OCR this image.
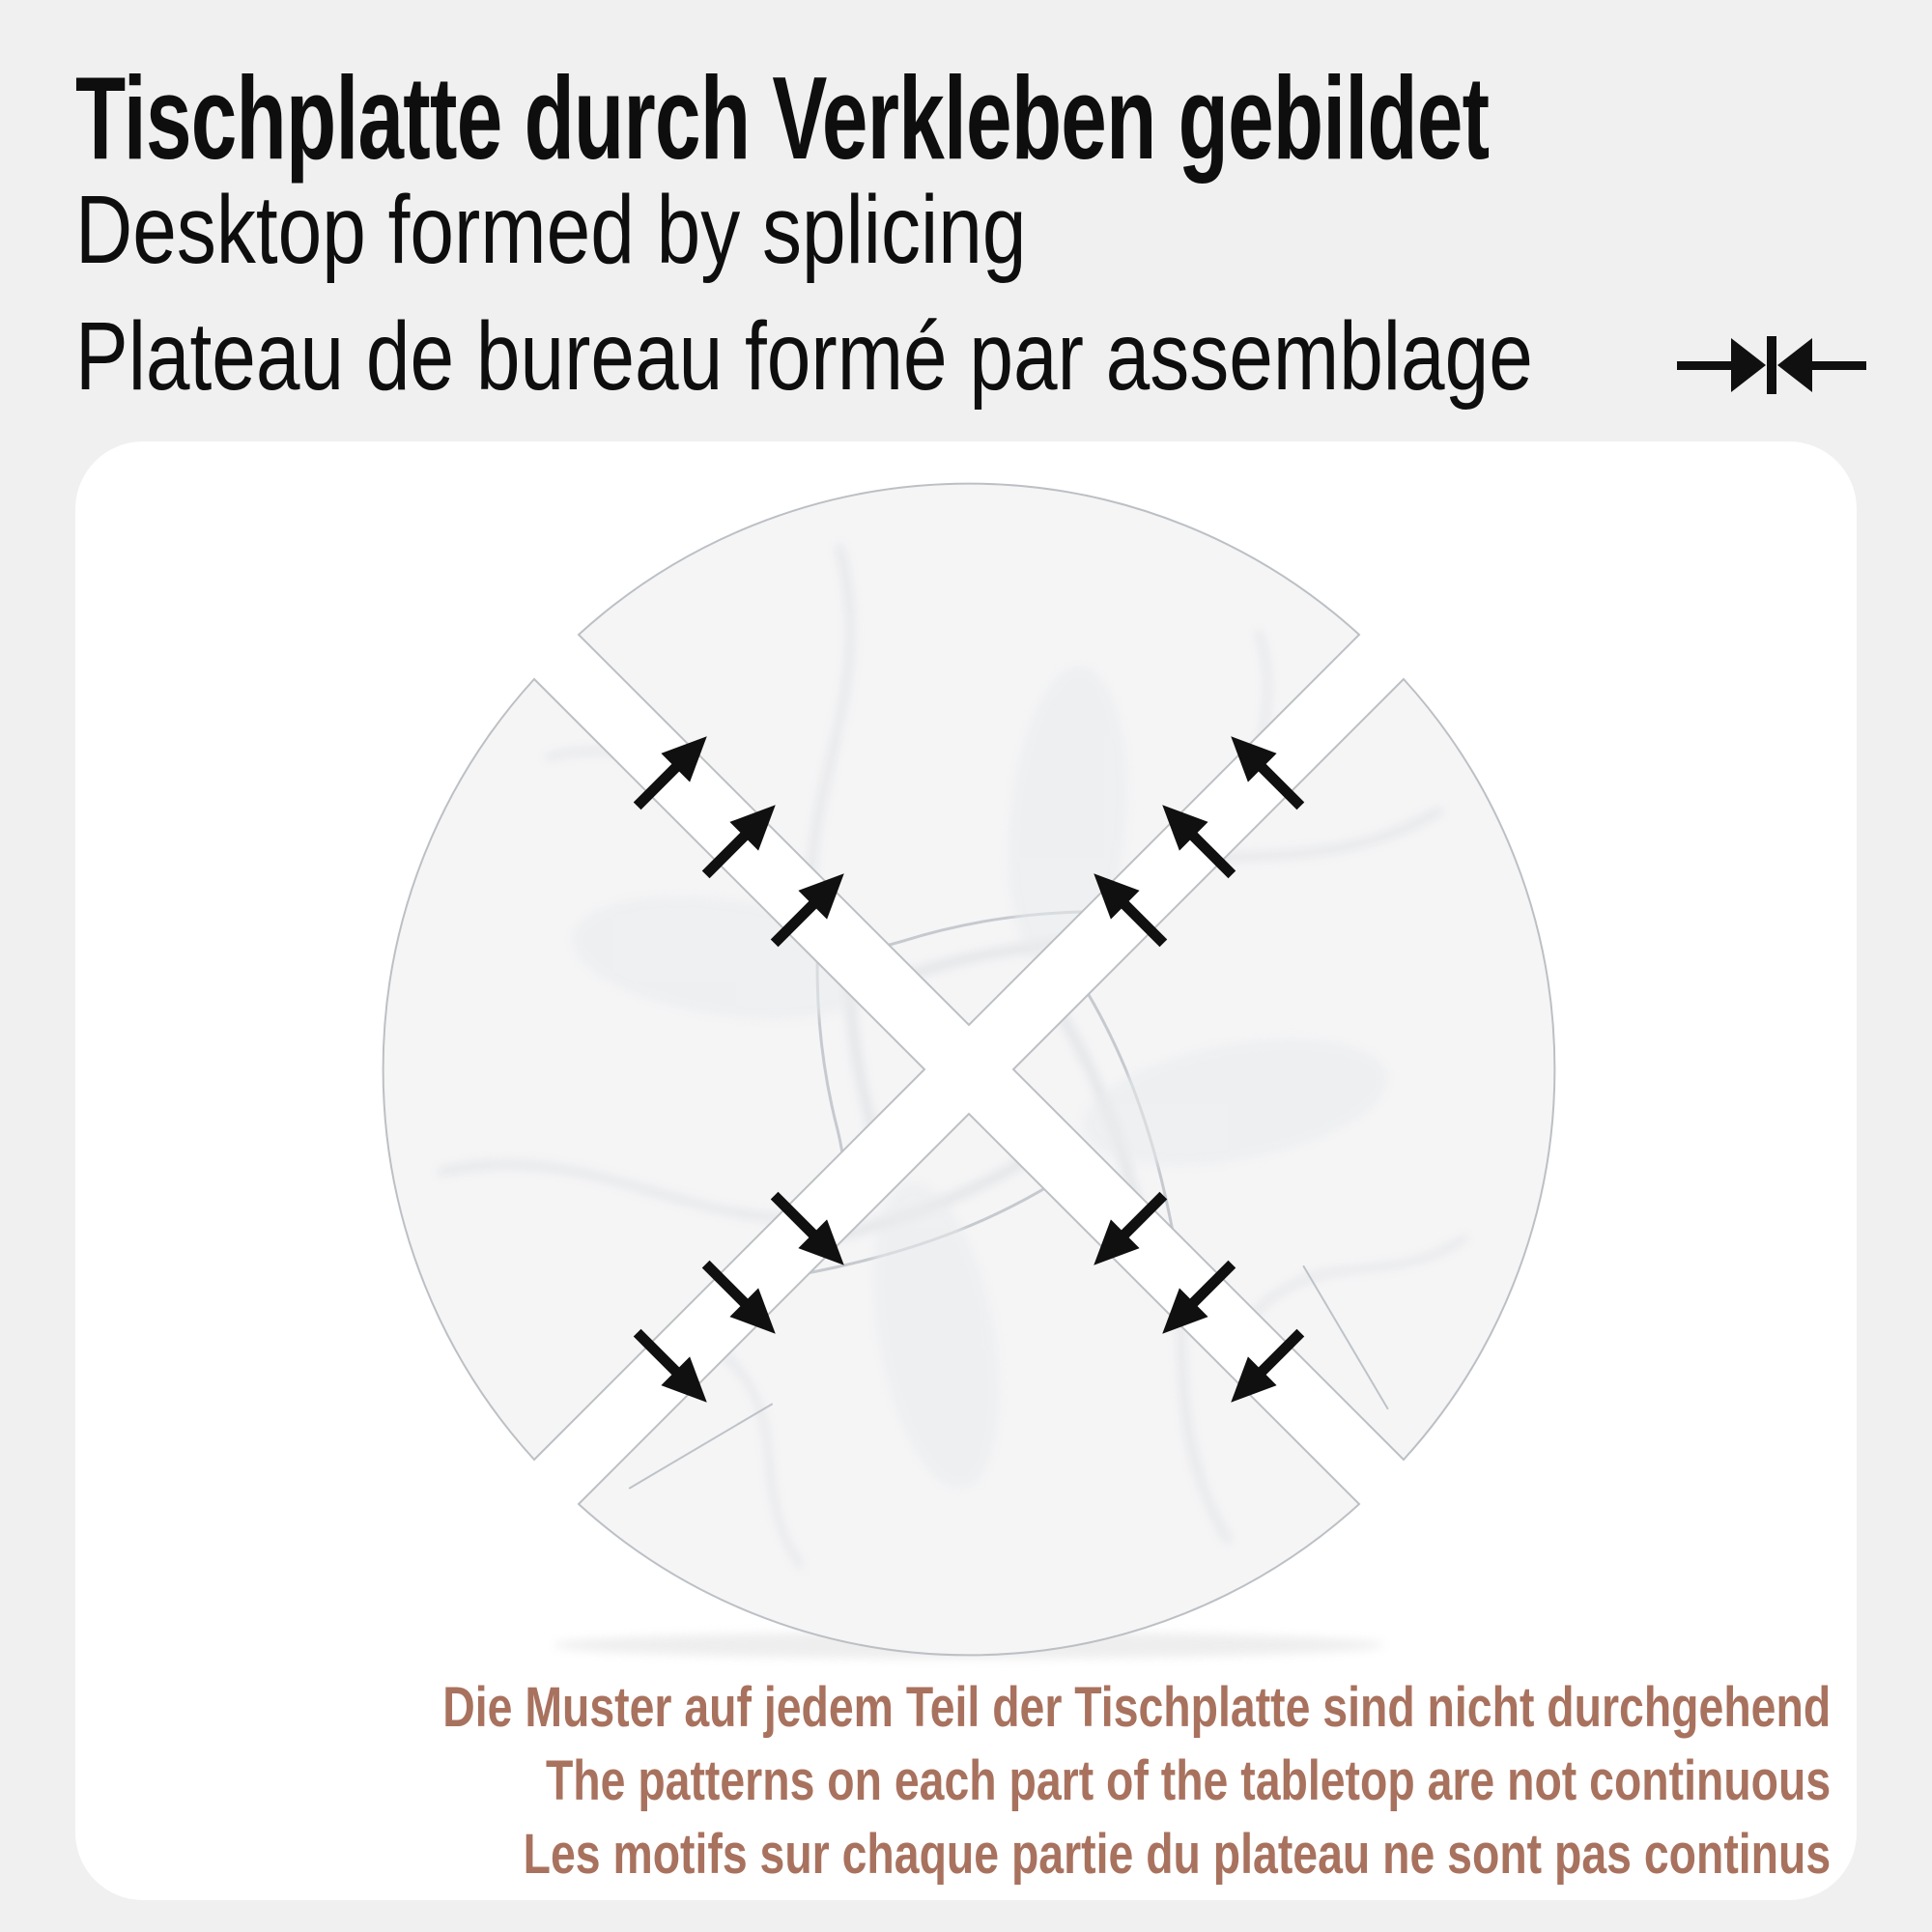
Tischplatte durch Verkleben gebildet
Desktop formed by splicing
Plateau de bureau formé par assemblage
Die Muster auf jedem Teil der Tischplatte sind nicht durchgehend
The patterns on each part of the tabletop are not continuous
Les motifs sur chaque partie du plateau ne sont pas continus
